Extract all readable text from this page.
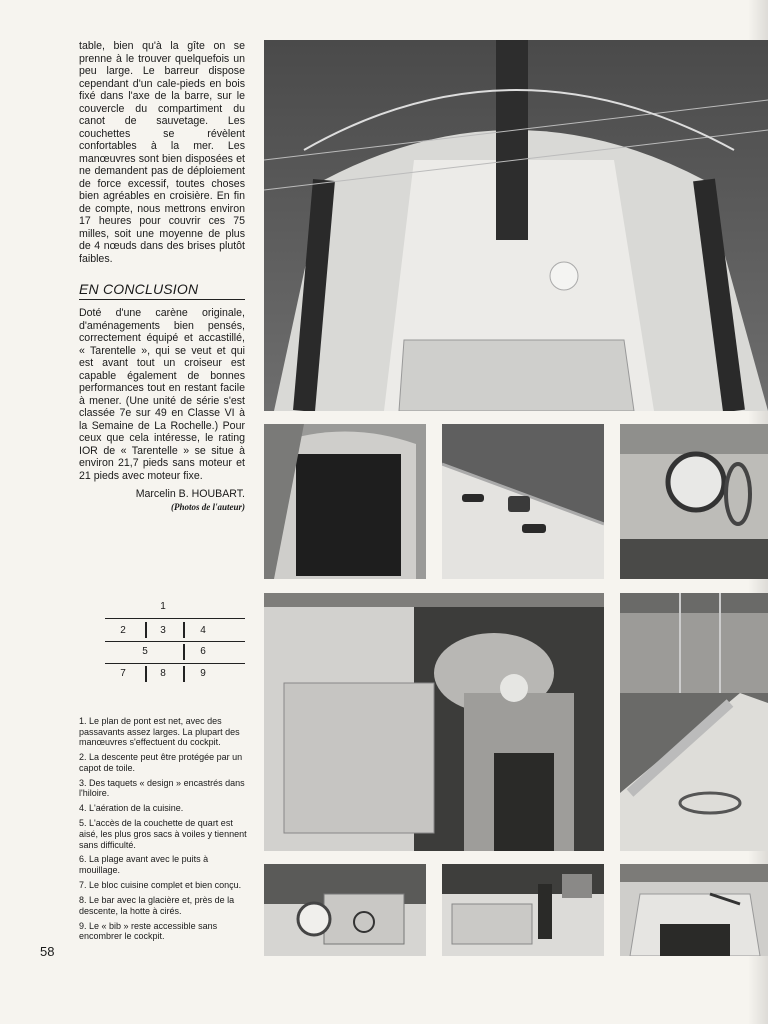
table, bien qu'à la gîte on se prenne à le trouver quelquefois un peu large. Le barreur dispose cependant d'un cale-pieds en bois fixé dans l'axe de la barre, sur le couvercle du compartiment du canot de sauvetage. Les couchettes se révèlent confortables à la mer. Les manœuvres sont bien disposées et ne demandent pas de déploiement de force excessif, toutes choses bien agréables en croisière. En fin de compte, nous mettrons environ 17 heures pour couvrir ces 75 milles, soit une moyenne de plus de 4 nœuds dans des brises plutôt faibles.

EN CONCLUSION

Doté d'une carène originale, d'aménagements bien pensés, correctement équipé et accastillé, « Tarentelle », qui se veut et qui est avant tout un croiseur est capable également de bonnes performances tout en restant facile à mener. (Une unité de série s'est classée 7e sur 49 en Classe VI à la Semaine de La Rochelle.) Pour ceux que cela intéresse, le rating IOR de « Tarentelle » se situe à environ 21,7 pieds sans moteur et 21 pieds avec moteur fixe.

Marcelin B. HOUBART.

(Photos de l'auteur)

1
2	3	4
5	6
7	8	9
1. Le plan de pont est net, avec des passavants assez larges. La plupart des manœuvres s'effectuent du cockpit.
2. La descente peut être protégée par un capot de toile.
3. Des taquets « design » encastrés dans l'hiloire.
4. L'aération de la cuisine.
5. L'accès de la couchette de quart est aisé, les plus gros sacs à voiles y tiennent sans difficulté.
6. La plage avant avec le puits à mouillage.
7. Le bloc cuisine complet et bien conçu.
8. Le bar avec la glacière et, près de la descente, la hotte à cirés.
9. Le « bib » reste accessible sans encombrer le cockpit.

58
